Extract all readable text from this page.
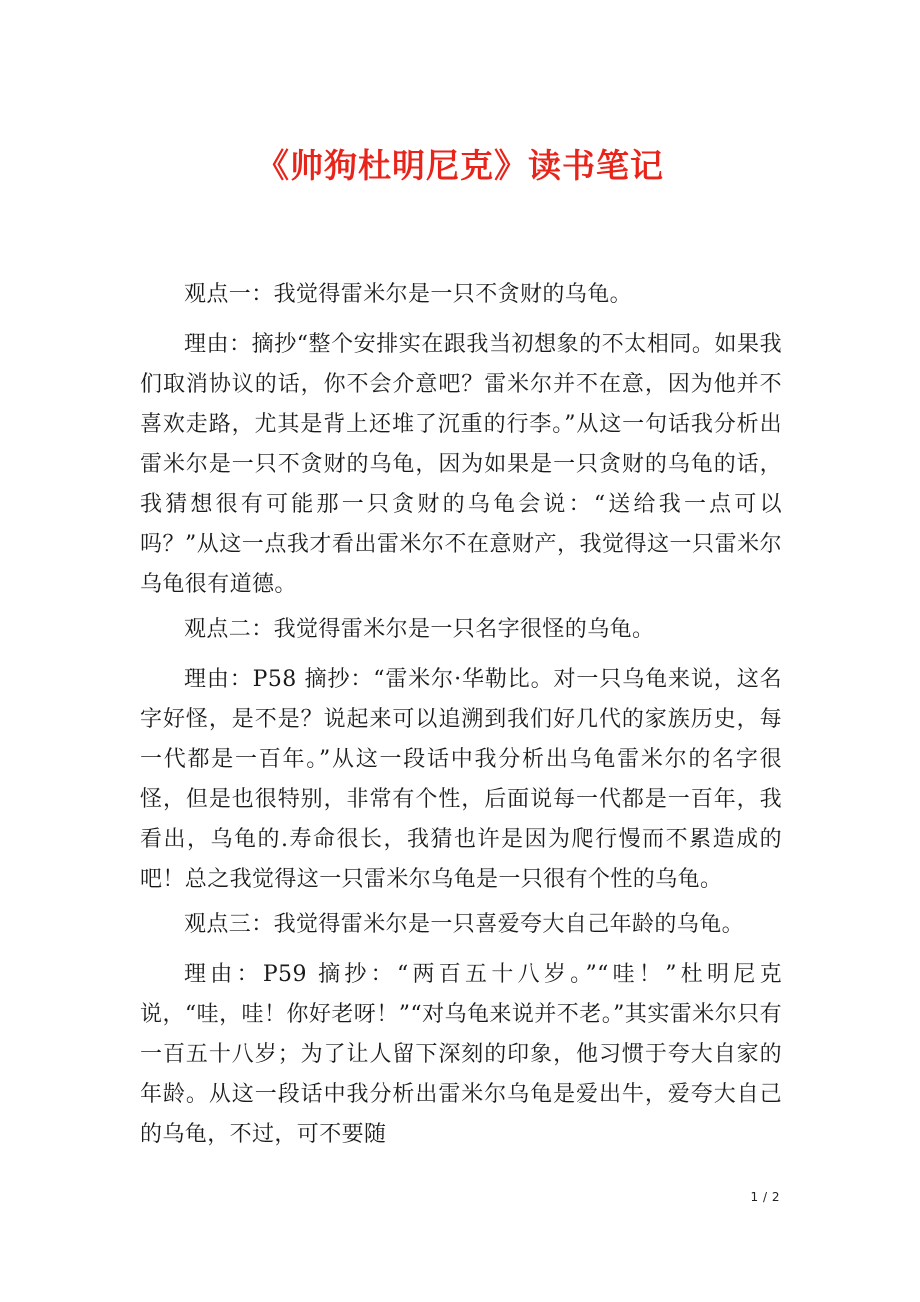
《帅狗杜明尼克》读书笔记

观点一：我觉得雷米尔是一只不贪财的乌龟。

理由：摘抄“整个安排实在跟我当初想象的不太相同。如果我们取消协议的话，你不会介意吧？雷米尔并不在意，因为他并不喜欢走路，尤其是背上还堆了沉重的行李。”从这一句话我分析出雷米尔是一只不贪财的乌龟，因为如果是一只贪财的乌龟的话，我猜想很有可能那一只贪财的乌龟会说：“送给我一点可以吗？”从这一点我才看出雷米尔不在意财产，我觉得这一只雷米尔乌龟很有道德。

观点二：我觉得雷米尔是一只名字很怪的乌龟。

理由：P58 摘抄：“雷米尔·华勒比。对一只乌龟来说，这名字好怪，是不是？说起来可以追溯到我们好几代的家族历史，每一代都是一百年。”从这一段话中我分析出乌龟雷米尔的名字很怪，但是也很特别，非常有个性，后面说每一代都是一百年，我看出，乌龟的.寿命很长，我猜也许是因为爬行慢而不累造成的吧！总之我觉得这一只雷米尔乌龟是一只很有个性的乌龟。

观点三：我觉得雷米尔是一只喜爱夸大自己年龄的乌龟。

理由：P59 摘抄：“两百五十八岁。”“哇！”杜明尼克说，“哇，哇！你好老呀！”“对乌龟来说并不老。”其实雷米尔只有一百五十八岁；为了让人留下深刻的印象，他习惯于夸大自家的年龄。从这一段话中我分析出雷米尔乌龟是爱出牛，爱夸大自己的乌龟，不过，可不要随

1 / 2
